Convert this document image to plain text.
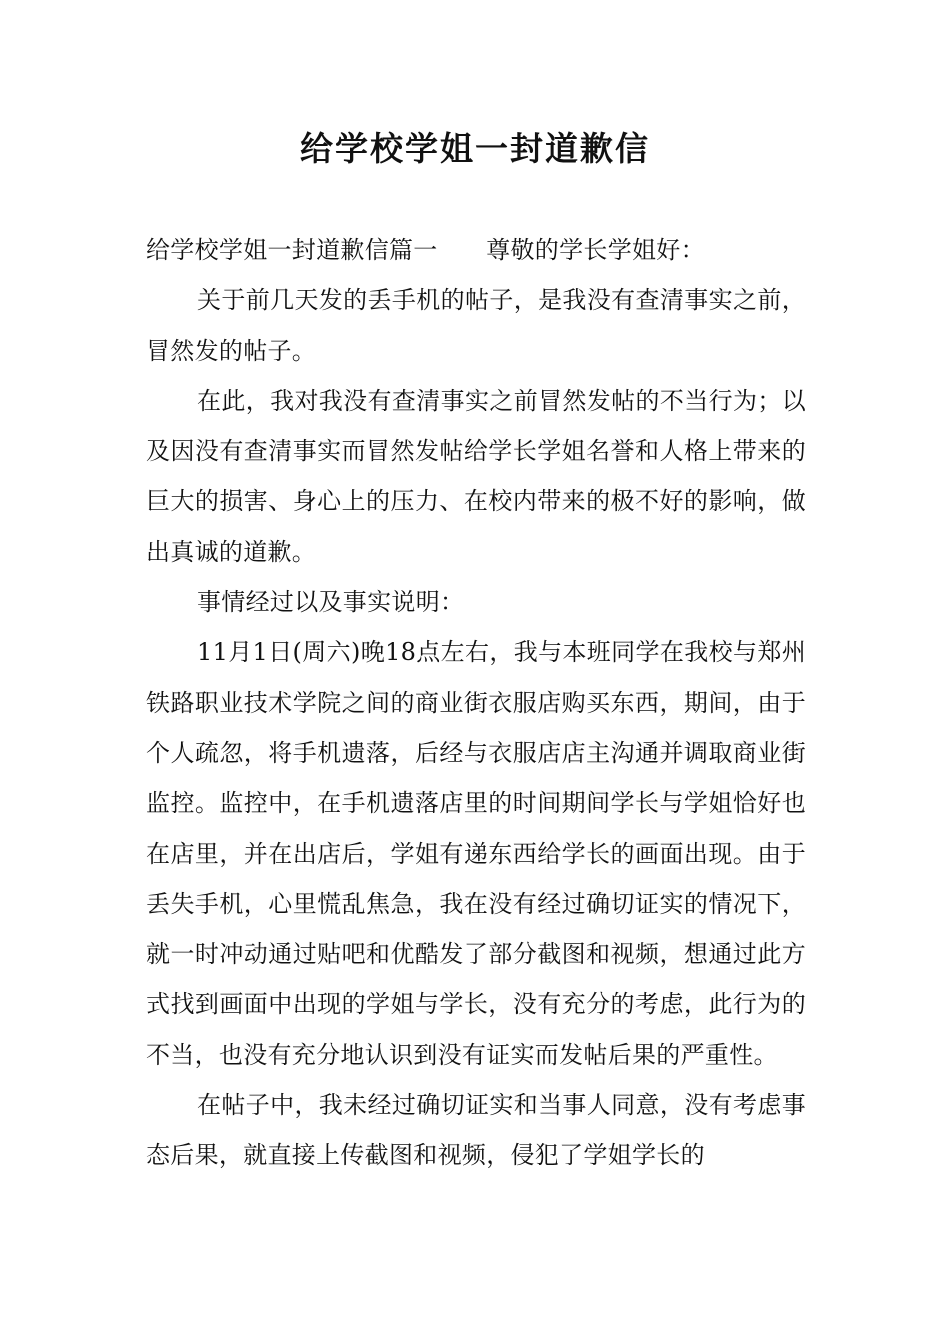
给学校学姐一封道歉信

给学校学姐一封道歉信篇一　　尊敬的学长学姐好：

关于前几天发的丢手机的帖子，是我没有查清事实之前，冒然发的帖子。

在此，我对我没有查清事实之前冒然发帖的不当行为；以及因没有查清事实而冒然发帖给学长学姐名誉和人格上带来的巨大的损害、身心上的压力、在校内带来的极不好的影响，做出真诚的道歉。

事情经过以及事实说明：

11月1日(周六)晚18点左右，我与本班同学在我校与郑州铁路职业技术学院之间的商业街衣服店购买东西，期间，由于个人疏忽，将手机遗落，后经与衣服店店主沟通并调取商业街监控。监控中，在手机遗落店里的时间期间学长与学姐恰好也在店里，并在出店后，学姐有递东西给学长的画面出现。由于丢失手机，心里慌乱焦急，我在没有经过确切证实的情况下，就一时冲动通过贴吧和优酷发了部分截图和视频，想通过此方式找到画面中出现的学姐与学长，没有充分的考虑，此行为的不当，也没有充分地认识到没有证实而发帖后果的严重性。

在帖子中，我未经过确切证实和当事人同意，没有考虑事态后果，就直接上传截图和视频，侵犯了学姐学长的
